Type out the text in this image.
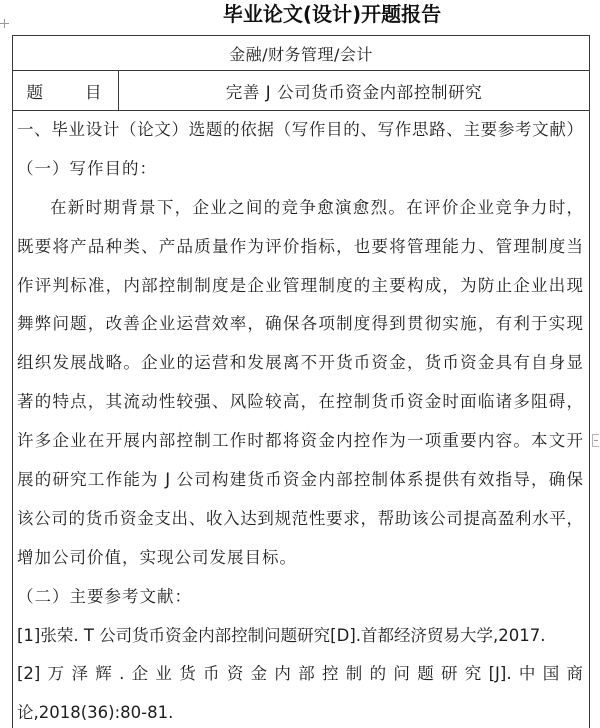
毕业论文(设计)开题报告
金融/财务管理/会计
题　　目	完善 J 公司货币资金内部控制研究
一、毕业设计（论文）选题的依据（写作目的、写作思路、主要参考文献）
（一）写作目的：
在新时期背景下，企业之间的竞争愈演愈烈。在评价企业竞争力时，
既要将产品种类、产品质量作为评价指标，也要将管理能力、管理制度当
作评判标准，内部控制制度是企业管理制度的主要构成，为防止企业出现
舞弊问题，改善企业运营效率，确保各项制度得到贯彻实施，有利于实现
组织发展战略。企业的运营和发展离不开货币资金，货币资金具有自身显
著的特点，其流动性较强、风险较高，在控制货币资金时面临诸多阻碍，
许多企业在开展内部控制工作时都将资金内控作为一项重要内容。本文开
展的研究工作能为 J 公司构建货币资金内部控制体系提供有效指导，确保
该公司的货币资金支出、收入达到规范性要求，帮助该公司提高盈利水平，
增加公司价值，实现公司发展目标。
（二）主要参考文献：
[1]张荣. T 公司货币资金内部控制问题研究[D].首都经济贸易大学,2017.
[2]万泽辉.企业货币资金内部控制的问题研究[J].中国商
论,2018(36):80-81.
